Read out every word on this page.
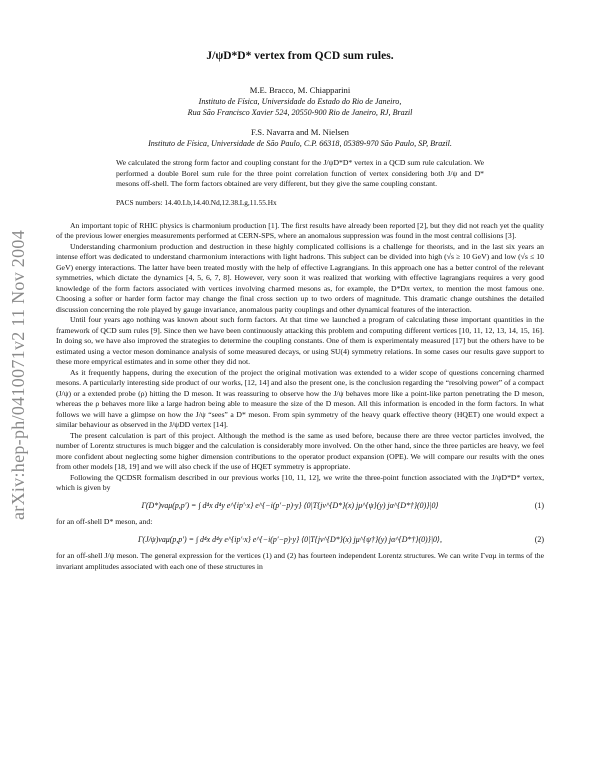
arXiv:hep-ph/0410071v2 11 Nov 2004
J/ψD*D* vertex from QCD sum rules.
M.E. Bracco, M. Chiapparini
Instituto de Física, Universidade do Estado do Rio de Janeiro,
Rua São Francisco Xavier 524, 20550-900 Rio de Janeiro, RJ, Brazil
F.S. Navarra and M. Nielsen
Instituto de Física, Universidade de São Paulo, C.P. 66318, 05389-970 São Paulo, SP, Brazil.
We calculated the strong form factor and coupling constant for the J/ψD*D* vertex in a QCD sum rule calculation. We performed a double Borel sum rule for the three point correlation function of vertex considering both J/ψ and D* mesons off-shell. The form factors obtained are very different, but they give the same coupling constant.
PACS numbers: 14.40.Lb,14.40.Nd,12.38.Lg,11.55.Hx

An important topic of RHIC physics is charmonium production [1]. The first results have already been reported [2], but they did not reach yet the quality of the previous lower energies measurements performed at CERN-SPS, where an anomalous suppression was found in the most central collisions [3].

Understanding charmonium production and destruction in these highly complicated collisions is a challenge for theorists, and in the last six years an intense effort was dedicated to understand charmonium interactions with light hadrons. This subject can be divided into high (√s ≥ 10 GeV) and low (√s ≤ 10 GeV) energy interactions. The latter have been treated mostly with the help of effective Lagrangians. In this approach one has a better control of the relevant symmetries, which dictate the dynamics [4, 5, 6, 7, 8]. However, very soon it was realized that working with effective lagrangians requires a very good knowledge of the form factors associated with vertices involving charmed mesons as, for example, the D*Dπ vertex, to mention the most famous one. Choosing a softer or harder form factor may change the final cross section up to two orders of magnitude. This dramatic change outshines the detailed discussion concerning the role played by gauge invariance, anomalous parity couplings and other dynamical features of the interaction.

Until four years ago nothing was known about such form factors. At that time we launched a program of calculating these important quantities in the framework of QCD sum rules [9]. Since then we have been continuously attacking this problem and computing different vertices [10, 11, 12, 13, 14, 15, 16]. In doing so, we have also improved the strategies to determine the coupling constants. One of them is experimentaly measured [17] but the others have to be estimated using a vector meson dominance analysis of some measured decays, or using SU(4) symmetry relations. In some cases our results gave support to these more empyrical estimates and in some other they did not.

As it frequently happens, during the execution of the project the original motivation was extended to a wider scope of questions concerning charmed mesons. A particularly interesting side product of our works, [12, 14] and also the present one, is the conclusion regarding the “resolving power” of a compact (J/ψ) or a extended probe (ρ) hitting the D meson. It was reassuring to observe how the J/ψ behaves more like a point-like parton penetrating the D meson, whereas the ρ behaves more like a large hadron being able to measure the size of the D meson. All this information is encoded in the form factors. In what follows we will have a glimpse on how the J/ψ “sees” a D* meson. From spin symmetry of the heavy quark effective theory (HQET) one would expect a similar behaviour as observed in the J/ψDD vertex [14].

The present calculation is part of this project. Although the method is the same as used before, because there are three vector particles involved, the number of Lorentz structures is much bigger and the calculation is considerably more involved. On the other hand, since the three particles are heavy, we feel more confident about neglecting some higher dimension contributions to the operator product expansion (OPE). We will compare our results with the ones from other models [18, 19] and we will also check if the use of HQET symmetry is appropriate.

Following the QCDSR formalism described in our previous works [10, 11, 12], we write the three-point function associated with the J/ψD*D* vertex, which is given by

Γ(D*)νaμ(p,p′) = ∫ d⁴x d⁴y e^{ip′·x} e^{−i(p′−p)·y} ⟨0|T{jν^{D*}(x) jμ^{ψ}(y) jα^{D*†}(0)}|0⟩	(1)

for an off-shell D* meson, and:

Γ(J/ψ)νaμ(p,p′) = ∫ d⁴x d⁴y e^{ip′·x} e^{−i(p′−p)·y} ⟨0|T{jν^{D*}(x) jμ^{ψ†}(y) jα^{D*†}(0)}|0⟩,	(2)

for an off-shell J/ψ meson. The general expression for the vertices (1) and (2) has fourteen independent Lorentz structures. We can write Γναμ in terms of the invariant amplitudes associated with each one of these structures in
